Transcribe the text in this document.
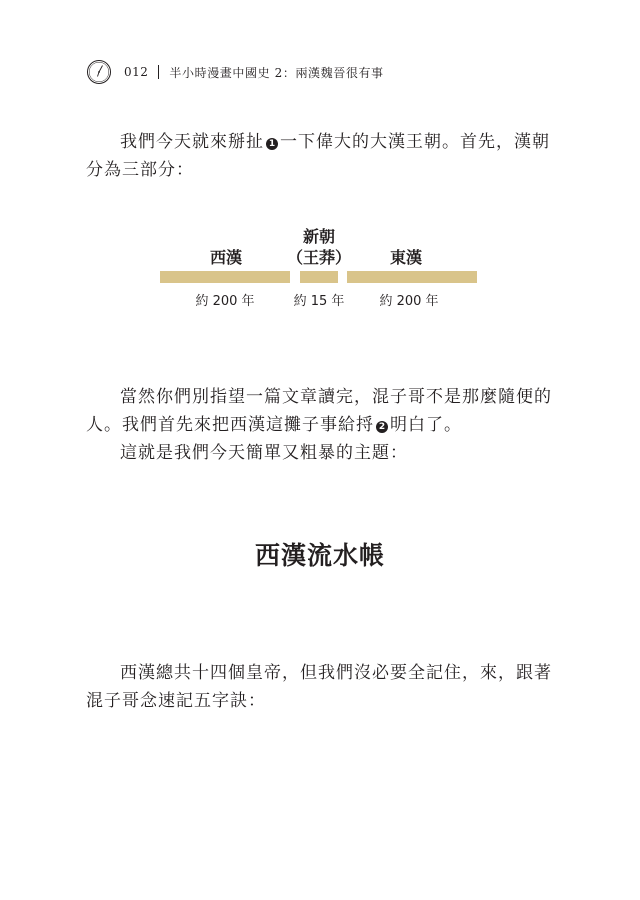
012 半小時漫畫中國史 2：兩漢魏晉很有事

我們今天就來掰扯 1 一下偉大的大漢王朝。首先，漢朝分為三部分：

西漢
新朝
（王莽） 東漢
約 200 年	約 15 年	約 200 年

當然你們別指望一篇文章讀完，混子哥不是那麼隨便的人。我們首先來把西漢這攤子事給捋 2 明白了。

這就是我們今天簡單又粗暴的主題：

西漢流水帳

西漢總共十四個皇帝，但我們沒必要全記住，來，跟著混子哥念速記五字訣：
